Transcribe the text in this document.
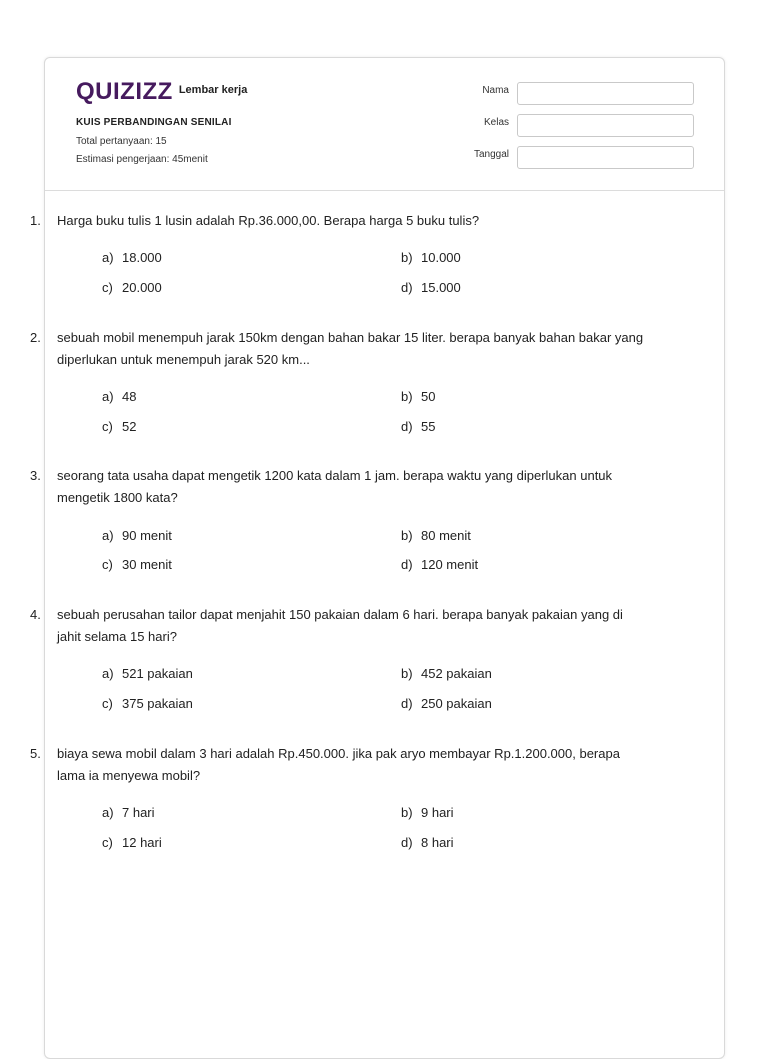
QUIZIZZ Lembar kerja
KUIS PERBANDINGAN SENILAI
Total pertanyaan: 15
Estimasi pengerjaan: 45menit
Nama
Kelas
Tanggal
1. Harga buku tulis 1 lusin adalah Rp.36.000,00. Berapa harga 5 buku tulis?
a) 18.000	b) 10.000
c) 20.000	d) 15.000
2. sebuah mobil menempuh jarak 150km dengan bahan bakar 15 liter. berapa banyak bahan bakar yang diperlukan untuk menempuh jarak 520 km...
a) 48	b) 50
c) 52	d) 55
3. seorang tata usaha dapat mengetik 1200 kata dalam 1 jam. berapa waktu yang diperlukan untuk mengetik 1800 kata?
a) 90 menit	b) 80 menit
c) 30 menit	d) 120 menit
4. sebuah perusahan tailor dapat menjahit 150 pakaian dalam 6 hari. berapa banyak pakaian yang di jahit selama 15 hari?
a) 521 pakaian	b) 452 pakaian
c) 375 pakaian	d) 250 pakaian
5. biaya sewa mobil dalam 3 hari adalah Rp.450.000. jika pak aryo membayar Rp.1.200.000, berapa lama ia menyewa mobil?
a) 7 hari	b) 9 hari
c) 12 hari	d) 8 hari
